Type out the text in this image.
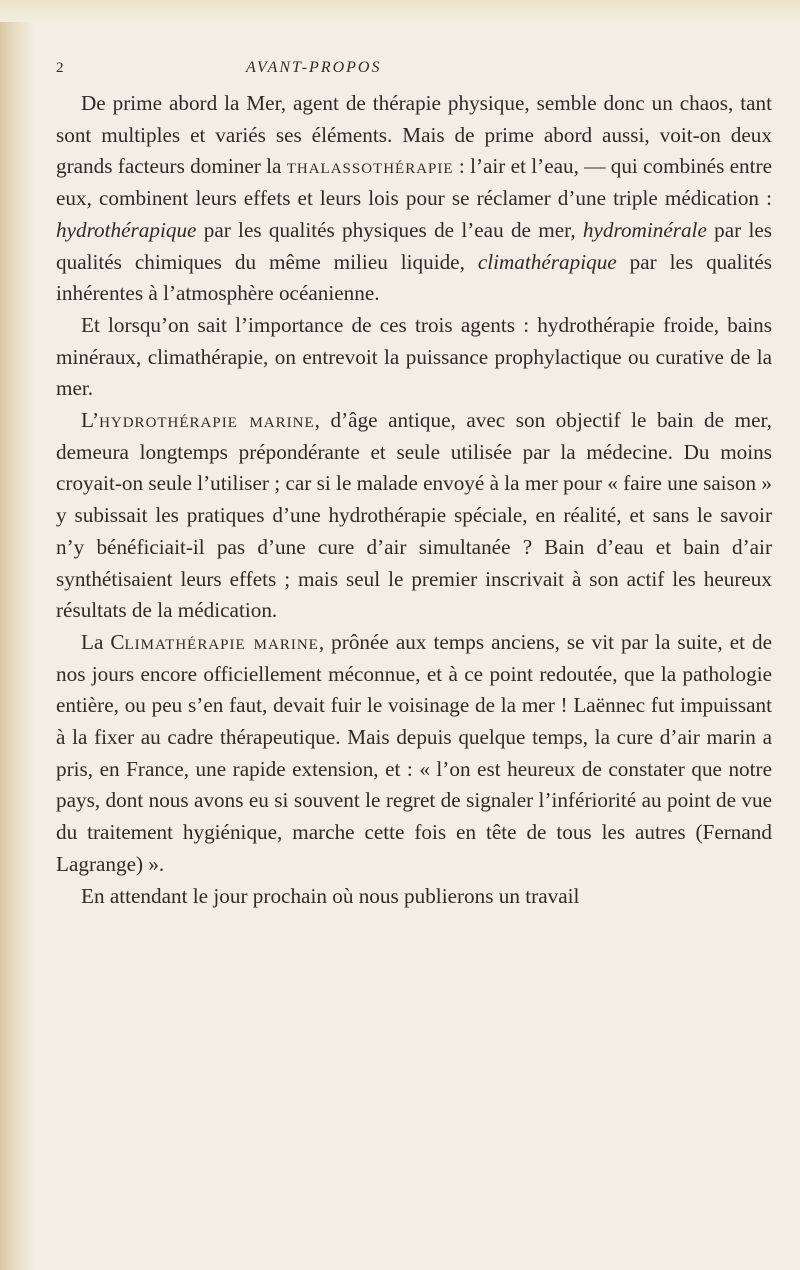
2	AVANT-PROPOS

De prime abord la Mer, agent de thérapie physique, semble donc un chaos, tant sont multiples et variés ses éléments. Mais de prime abord aussi, voit-on deux grands facteurs dominer la thalassothérapie : l’air et l’eau, — qui combinés entre eux, combinent leurs effets et leurs lois pour se réclamer d’une triple médication : hydrothérapique par les qualités physiques de l’eau de mer, hydrominérale par les qualités chimiques du même milieu liquide, climathérapique par les qualités inhérentes à l’atmosphère océanienne.

Et lorsqu’on sait l’importance de ces trois agents : hydrothérapie froide, bains minéraux, climathérapie, on entrevoit la puissance prophylactique ou curative de la mer.

L’hydrothérapie marine, d’âge antique, avec son objectif le bain de mer, demeura longtemps prépondérante et seule utilisée par la médecine. Du moins croyait-on seule l’utiliser ; car si le malade envoyé à la mer pour « faire une saison » y subissait les pratiques d’une hydrothérapie spéciale, en réalité, et sans le savoir n’y bénéficiait-il pas d’une cure d’air simultanée ? Bain d’eau et bain d’air synthétisaient leurs effets ; mais seul le premier inscrivait à son actif les heureux résultats de la médication.

La Climathérapie marine, prônée aux temps anciens, se vit par la suite, et de nos jours encore officiellement méconnue, et à ce point redoutée, que la pathologie entière, ou peu s’en faut, devait fuir le voisinage de la mer ! Laënnec fut impuissant à la fixer au cadre thérapeutique. Mais depuis quelque temps, la cure d’air marin a pris, en France, une rapide extension, et : « l’on est heureux de constater que notre pays, dont nous avons eu si souvent le regret de signaler l’infériorité au point de vue du traitement hygiénique, marche cette fois en tête de tous les autres (Fernand Lagrange) ».

En attendant le jour prochain où nous publierons un travail
